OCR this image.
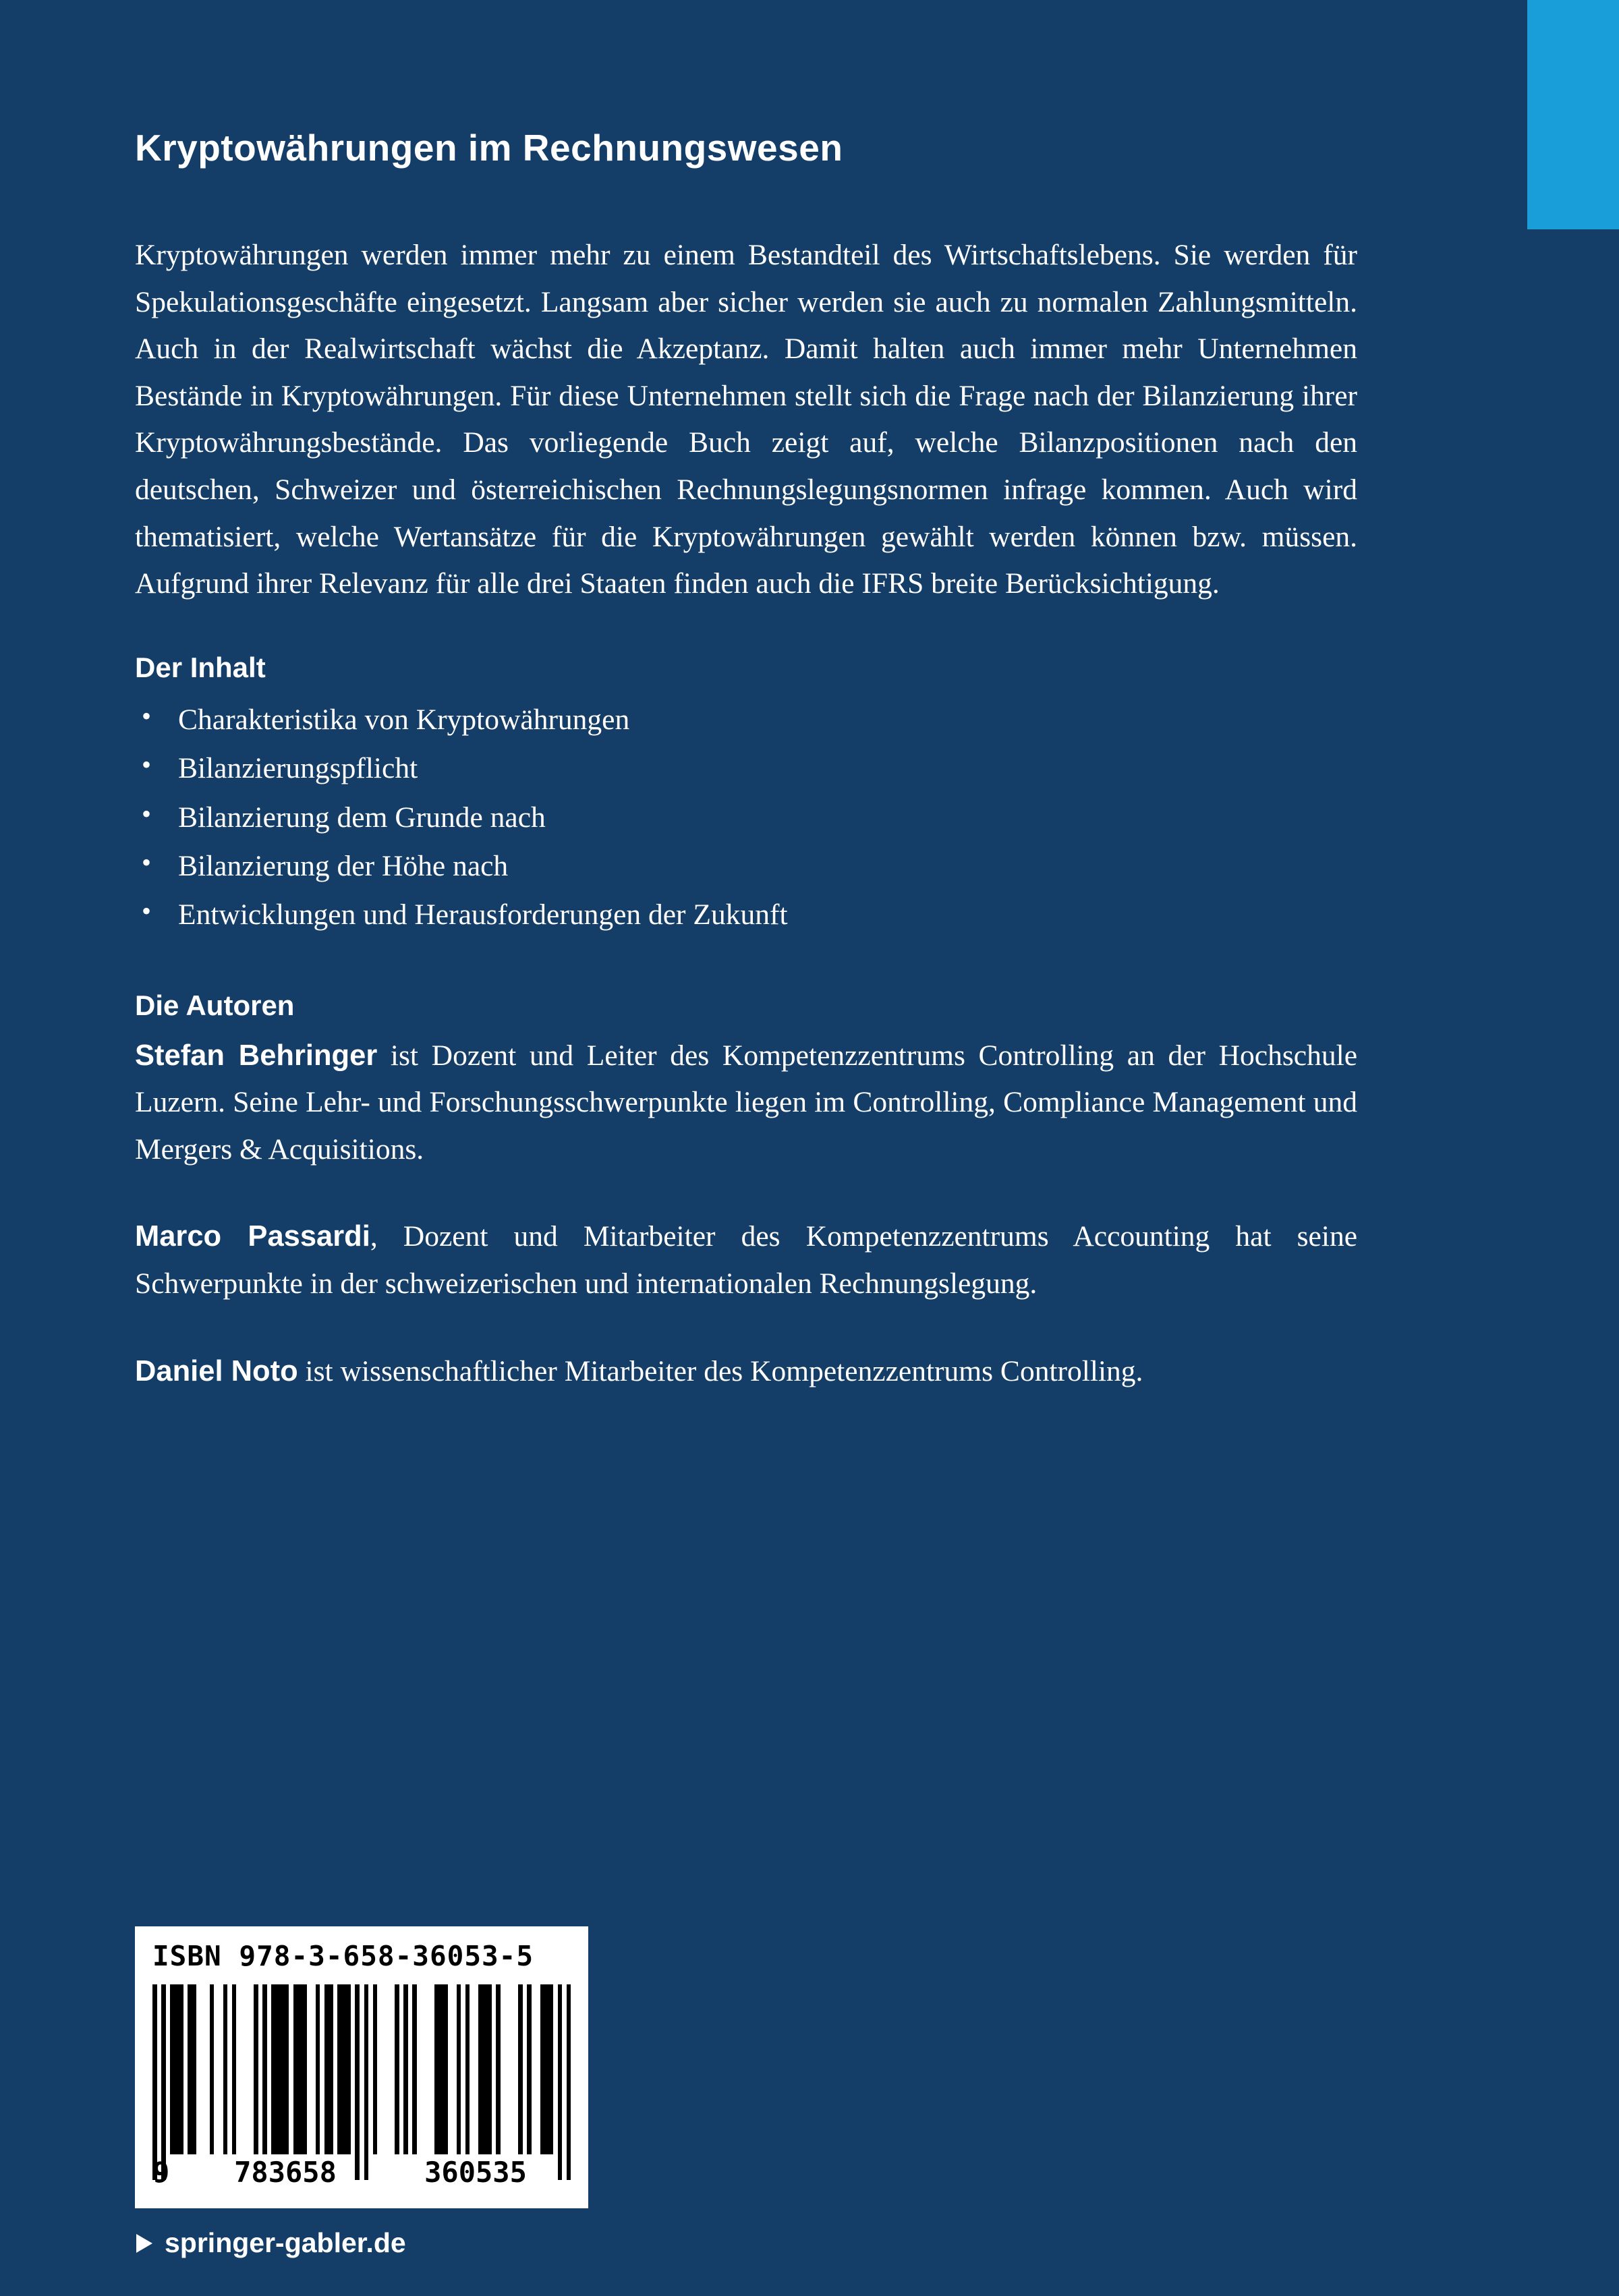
Kryptowährungen im Rechnungswesen

Kryptowährungen werden immer mehr zu einem Bestandteil des Wirtschaftslebens. Sie werden für Spekulationsgeschäfte eingesetzt. Langsam aber sicher werden sie auch zu normalen Zahlungsmitteln. Auch in der Realwirtschaft wächst die Akzeptanz. Damit halten auch immer mehr Unternehmen Bestände in Kryptowährungen. Für diese Unternehmen stellt sich die Frage nach der Bilanzierung ihrer Kryptowährungsbestände. Das vorliegende Buch zeigt auf, welche Bilanzpositionen nach den deutschen, Schweizer und österreichischen Rechnungslegungsnormen infrage kommen. Auch wird thematisiert, welche Wertansätze für die Kryptowährungen gewählt werden können bzw. müssen. Aufgrund ihrer Relevanz für alle drei Staaten finden auch die IFRS breite Berücksichtigung.

Der Inhalt
• Charakteristika von Kryptowährungen
• Bilanzierungspflicht
• Bilanzierung dem Grunde nach
• Bilanzierung der Höhe nach
• Entwicklungen und Herausforderungen der Zukunft
Die Autoren

Stefan Behringer ist Dozent und Leiter des Kompetenzzentrums Controlling an der Hochschule Luzern. Seine Lehr- und Forschungsschwerpunkte liegen im Controlling, Compliance Management und Mergers & Acquisitions.

Marco Passardi, Dozent und Mitarbeiter des Kompetenzzentrums Accounting hat seine Schwerpunkte in der schweizerischen und internationalen Rechnungslegung.

Daniel Noto ist wissenschaftlicher Mitarbeiter des Kompetenzzentrums Controlling.

ISBN 978-3-658-36053-5
9	783658	360535
springer-gabler.de
